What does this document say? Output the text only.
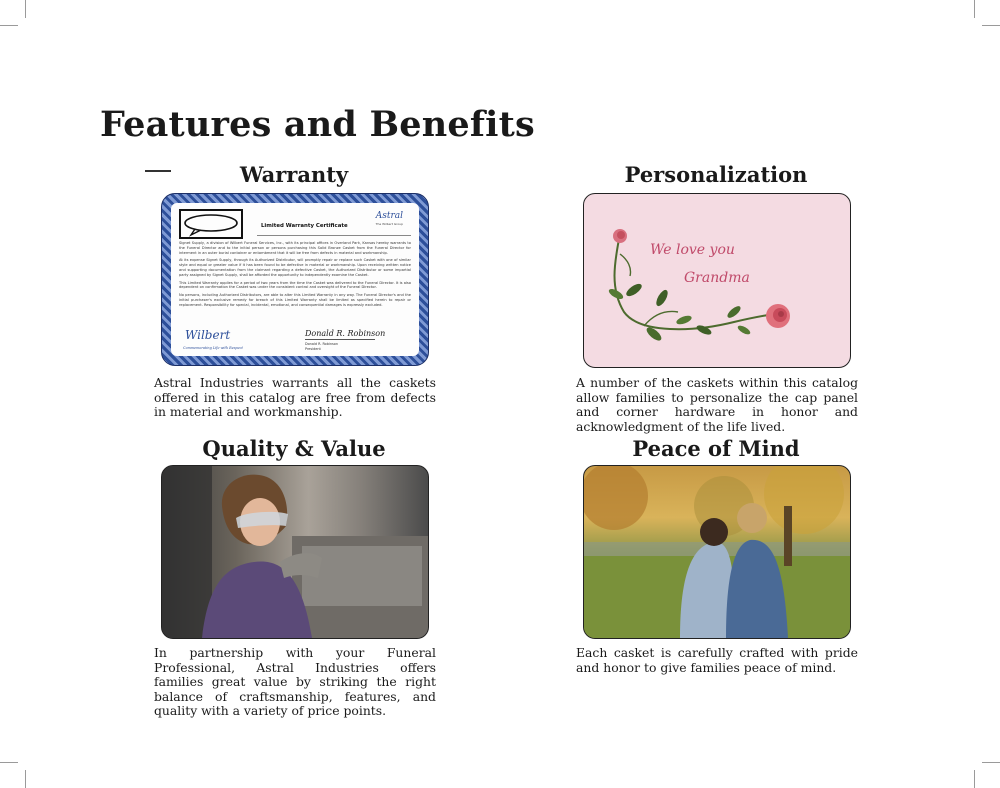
Features and Benefits
Warranty
Limited Warranty Certificate
Astral
The Wilbert Group

Signet Supply, a division of Wilbert Funeral Services, Inc., with its principal offices in Overland Park, Kansas hereby warrants to the Funeral Director and to the initial person or persons purchasing this Solid Bronze Casket from the Funeral Director for interment in an outer burial container or entombment that it will be free from defects in material and workmanship.

At its expense Signet Supply, through its Authorized Distributor, will promptly repair or replace such Casket with one of similar style and equal or greater value if it has been found to be defective in material or workmanship. Upon receiving written notice and supporting documentation from the claimant regarding a defective Casket, the Authorized Distributor or some impartial party assigned by Signet Supply, shall be afforded the opportunity to independently examine the Casket.

This Limited Warranty applies for a period of two years from the time the Casket was delivered to the Funeral Director. It is also dependent on confirmation the Casket was under the consistent control and oversight of the Funeral Director.

No persons, including Authorized Distributors, are able to alter this Limited Warranty in any way. The Funeral Director's and the initial purchaser's exclusive remedy for breach of this Limited Warranty shall be limited as specified herein to repair or replacement. Responsibility for special, incidental, emotional, and consequential damages is expressly excluded.

Wilbert
Commemorating Life with Respect
Donald R. Robinson
Donald R. Robinson
President

Astral Industries warrants all the caskets offered in this catalog are free from defects in material and workmanship.

Personalization
We love you
Grandma

A number of the caskets within this catalog allow families to personalize the cap panel and corner hardware in honor and acknowledgment of the life lived.

Quality & Value

In partnership with your Funeral Professional, Astral Industries offers families great value by striking the right balance of craftsmanship, features, and quality with a variety of price points.

Peace of Mind

Each casket is carefully crafted with pride and honor to give families peace of mind.
